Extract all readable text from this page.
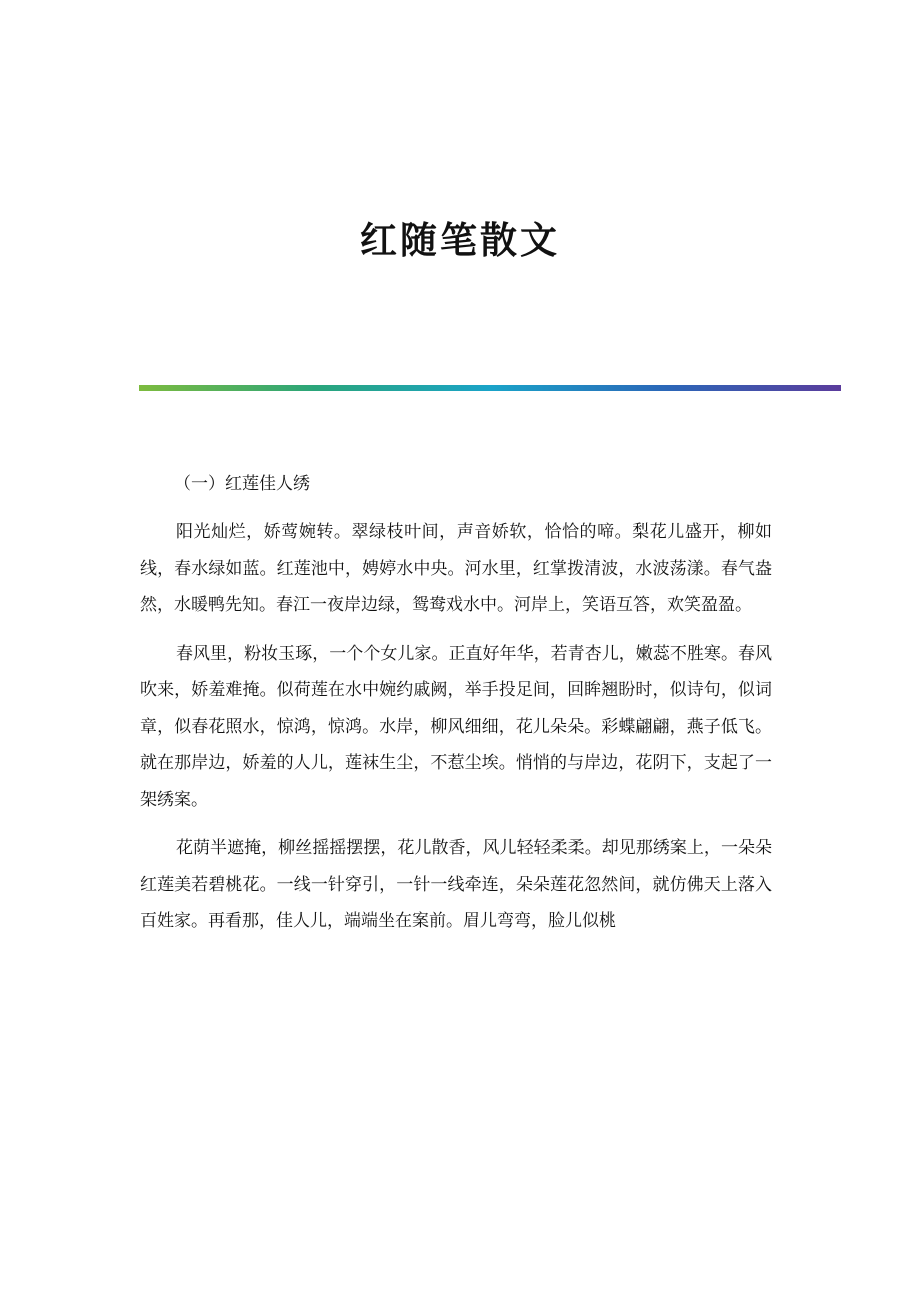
红随笔散文

（一）红莲佳人绣

阳光灿烂，娇莺婉转。翠绿枝叶间，声音娇软，恰恰的啼。梨花儿盛开，柳如线，春水绿如蓝。红莲池中，娉婷水中央。河水里，红掌拨清波，水波荡漾。春气盎然，水暖鸭先知。春江一夜岸边绿，鸳鸯戏水中。河岸上，笑语互答，欢笑盈盈。

春风里，粉妆玉琢，一个个女儿家。正直好年华，若青杏儿，嫩蕊不胜寒。春风吹来，娇羞难掩。似荷莲在水中婉约戚阙，举手投足间，回眸翘盼时，似诗句，似词章，似春花照水，惊鸿，惊鸿。水岸，柳风细细，花儿朵朵。彩蝶翩翩，燕子低飞。就在那岸边，娇羞的人儿，莲袜生尘，不惹尘埃。悄悄的与岸边，花阴下，支起了一架绣案。

花荫半遮掩，柳丝摇摇摆摆，花儿散香，风儿轻轻柔柔。却见那绣案上，一朵朵红莲美若碧桃花。一线一针穿引，一针一线牵连，朵朵莲花忽然间，就仿佛天上落入百姓家。再看那，佳人儿，端端坐在案前。眉儿弯弯，脸儿似桃
